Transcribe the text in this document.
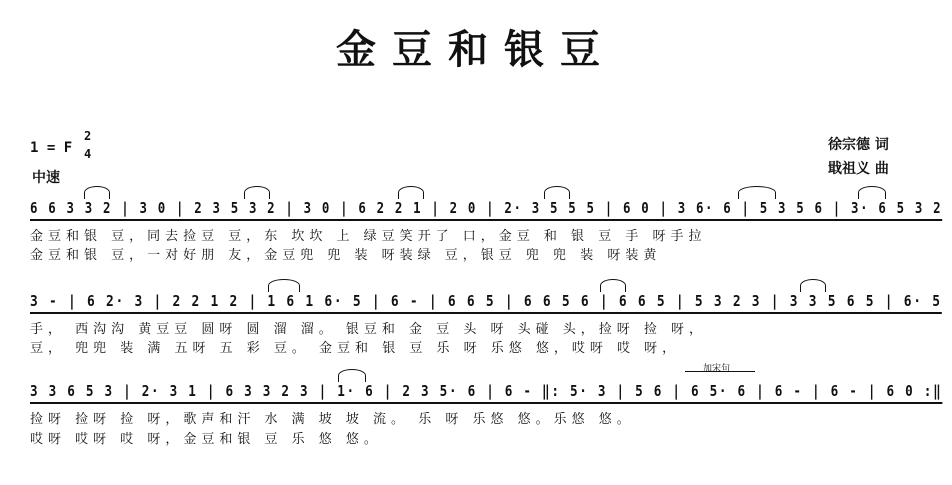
金豆和银豆
1 = F
2
4
中速
徐宗德 词
戢祖义 曲
6 6 3 3 2 | 3 0 | 2 3 5 3 2 | 3 0 | 6 2 2 1 | 2 0 | 2· 3 5 5 5 | 6 0 | 3 6· 6 | 5 3 5 6 | 3· 6 5 3 2
金豆和银 豆，同去捡豆 豆，东 坎坎 上 绿豆笑开了 口，金豆 和 银 豆 手 呀手拉
金豆和银 豆，一对好朋 友，金豆兜 兜 装 呀装绿 豆，银豆 兜 兜 装 呀装黄
3 - | 6 2· 3 | 2 2 1 2 | 1 6 1 6· 5 | 6 - | 6 6 5 | 6 6 5 6 | 6 6 5 | 5 3 2 3 | 3 3 5 6 5 | 6· 5
手， 西沟沟 黄豆豆 圆呀 圆 溜 溜。 银豆和 金 豆 头 呀 头碰 头，捡呀 捡 呀，
豆， 兜兜 装 满 五呀 五 彩 豆。 金豆和 银 豆 乐 呀 乐悠 悠，哎呀 哎 呀，
加宋句
3 3 6 5 3 | 2· 3 1 | 6 3 3 2 3 | 1· 6 | 2 3 5· 6 | 6 - ‖: 5· 3 | 5 6 | 6 5· 6 | 6 - | 6 - | 6 0 :‖
捡呀 捡呀 捡 呀，歌声和汗 水 满 坡 坡 流。 乐 呀 乐悠 悠。乐悠 悠。
哎呀 哎呀 哎 呀，金豆和银 豆 乐 悠 悠。
